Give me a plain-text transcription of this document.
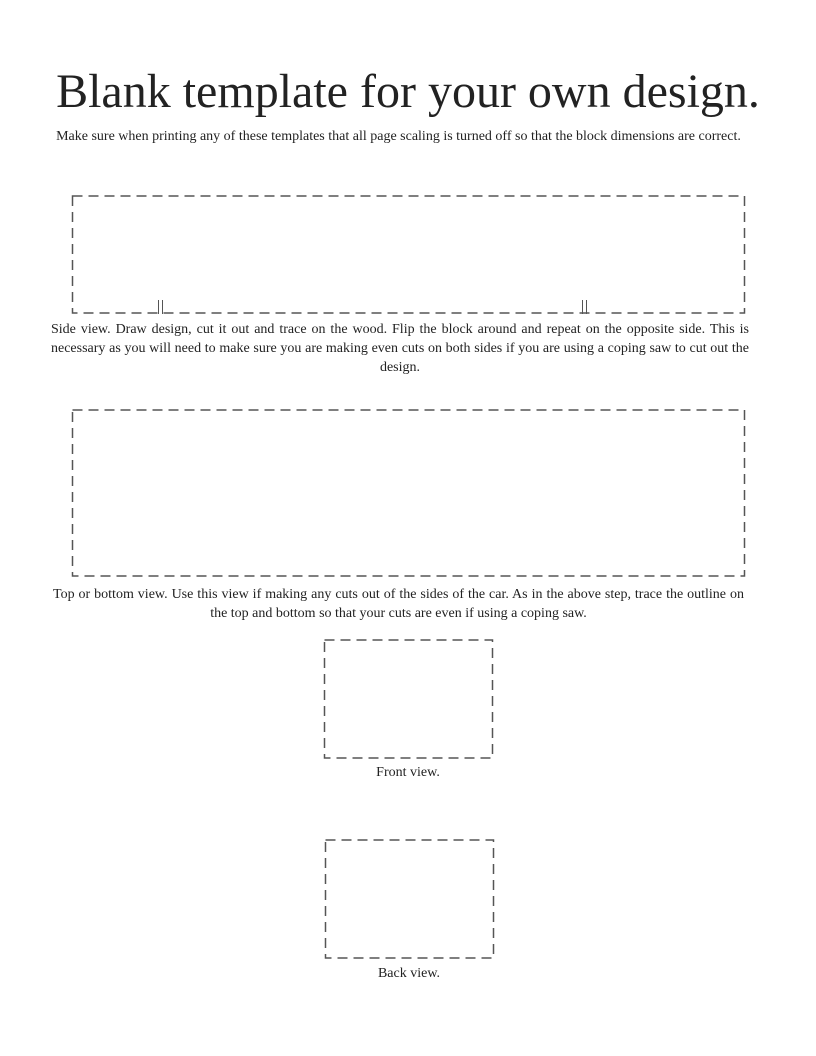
Blank template for your own design.

Make sure when printing any of these templates that all page scaling is turned off so that the block dimensions are correct.

Side view. Draw design, cut it out and trace on the wood. Flip the block around and repeat on the opposite side. This is necessary as you will need to make sure you are making even cuts on both sides if you are using a coping saw to cut out the design.

Top or bottom view. Use this view if making any cuts out of the sides of the car. As in the above step, trace the outline on the top and bottom so that your cuts are even if using a coping saw.

Front view.

Back view.
